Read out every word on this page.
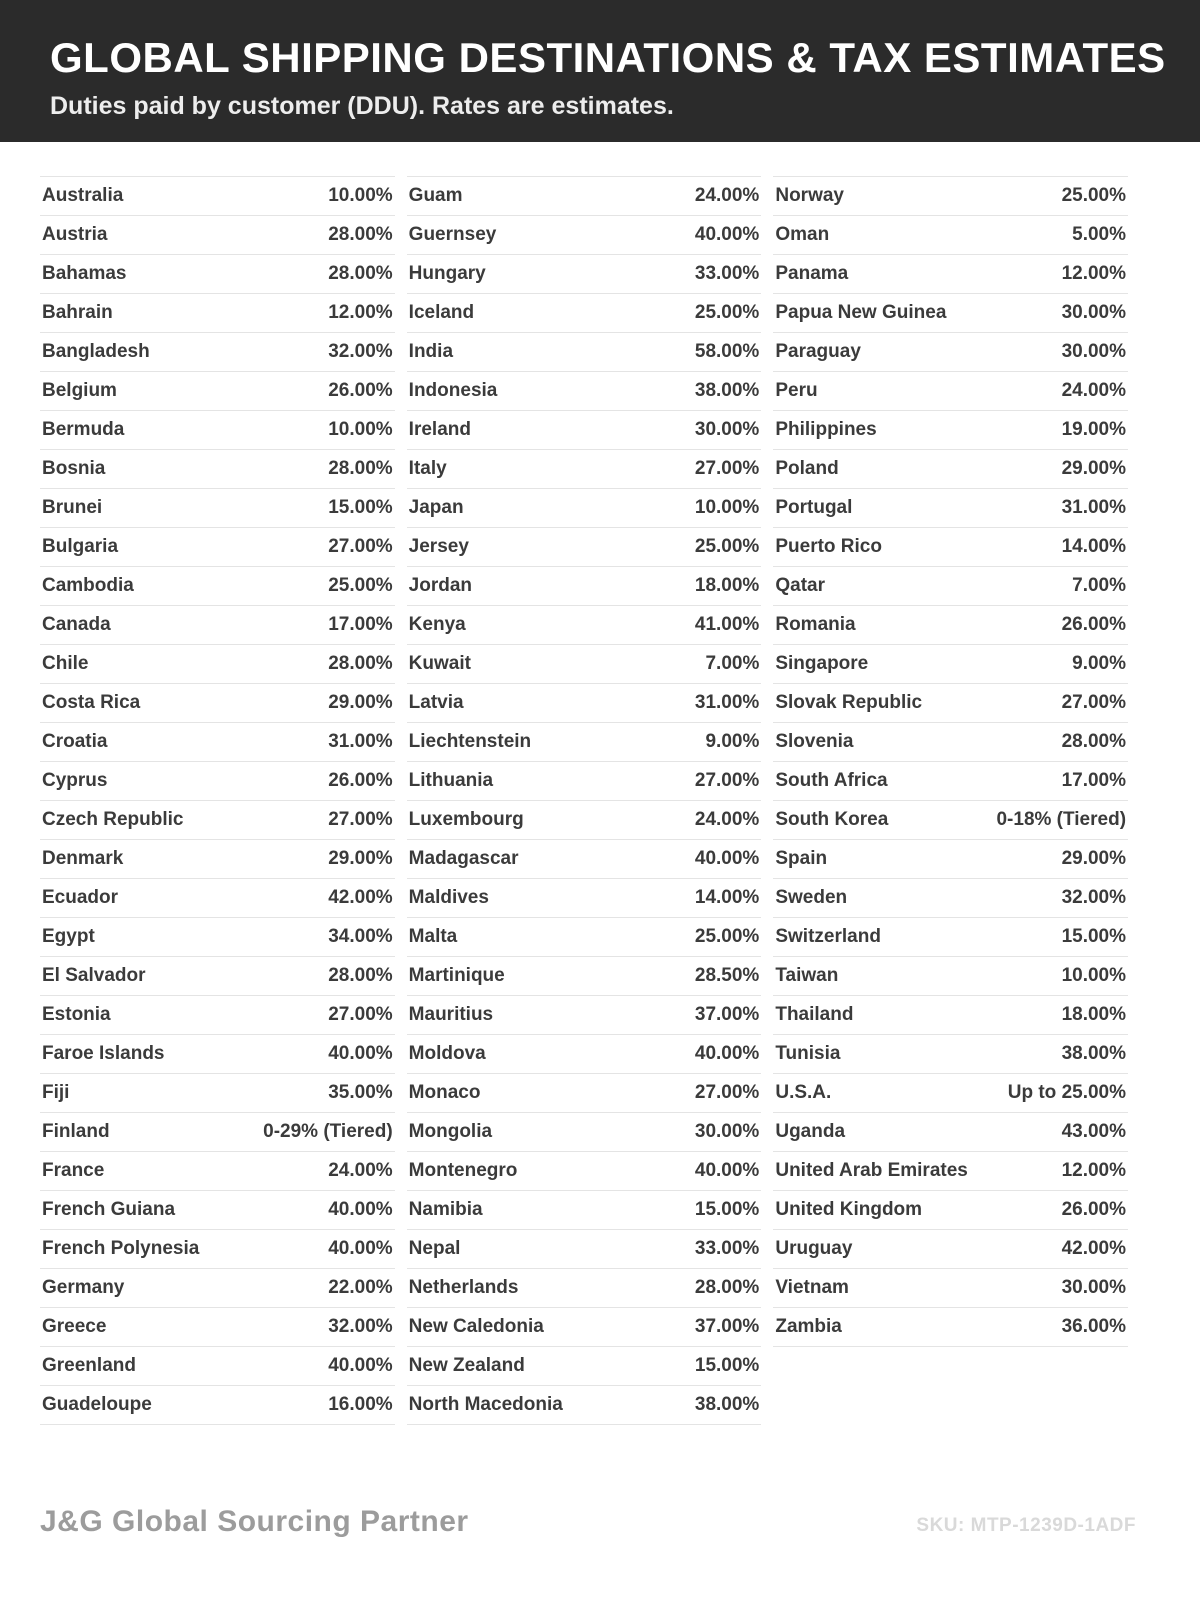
GLOBAL SHIPPING DESTINATIONS & TAX ESTIMATES
Duties paid by customer (DDU). Rates are estimates.
Australia	10.00%
Austria	28.00%
Bahamas	28.00%
Bahrain	12.00%
Bangladesh	32.00%
Belgium	26.00%
Bermuda	10.00%
Bosnia	28.00%
Brunei	15.00%
Bulgaria	27.00%
Cambodia	25.00%
Canada	17.00%
Chile	28.00%
Costa Rica	29.00%
Croatia	31.00%
Cyprus	26.00%
Czech Republic	27.00%
Denmark	29.00%
Ecuador	42.00%
Egypt	34.00%
El Salvador	28.00%
Estonia	27.00%
Faroe Islands	40.00%
Fiji	35.00%
Finland	0-29% (Tiered)
France	24.00%
French Guiana	40.00%
French Polynesia	40.00%
Germany	22.00%
Greece	32.00%
Greenland	40.00%
Guadeloupe	16.00%
Guam	24.00%
Guernsey	40.00%
Hungary	33.00%
Iceland	25.00%
India	58.00%
Indonesia	38.00%
Ireland	30.00%
Italy	27.00%
Japan	10.00%
Jersey	25.00%
Jordan	18.00%
Kenya	41.00%
Kuwait	7.00%
Latvia	31.00%
Liechtenstein	9.00%
Lithuania	27.00%
Luxembourg	24.00%
Madagascar	40.00%
Maldives	14.00%
Malta	25.00%
Martinique	28.50%
Mauritius	37.00%
Moldova	40.00%
Monaco	27.00%
Mongolia	30.00%
Montenegro	40.00%
Namibia	15.00%
Nepal	33.00%
Netherlands	28.00%
New Caledonia	37.00%
New Zealand	15.00%
North Macedonia	38.00%
Norway	25.00%
Oman	5.00%
Panama	12.00%
Papua New Guinea	30.00%
Paraguay	30.00%
Peru	24.00%
Philippines	19.00%
Poland	29.00%
Portugal	31.00%
Puerto Rico	14.00%
Qatar	7.00%
Romania	26.00%
Singapore	9.00%
Slovak Republic	27.00%
Slovenia	28.00%
South Africa	17.00%
South Korea	0-18% (Tiered)
Spain	29.00%
Sweden	32.00%
Switzerland	15.00%
Taiwan	10.00%
Thailand	18.00%
Tunisia	38.00%
U.S.A.	Up to 25.00%
Uganda	43.00%
United Arab Emirates	12.00%
United Kingdom	26.00%
Uruguay	42.00%
Vietnam	30.00%
Zambia	36.00%
J&G Global Sourcing Partner	SKU: MTP-1239D-1ADF
